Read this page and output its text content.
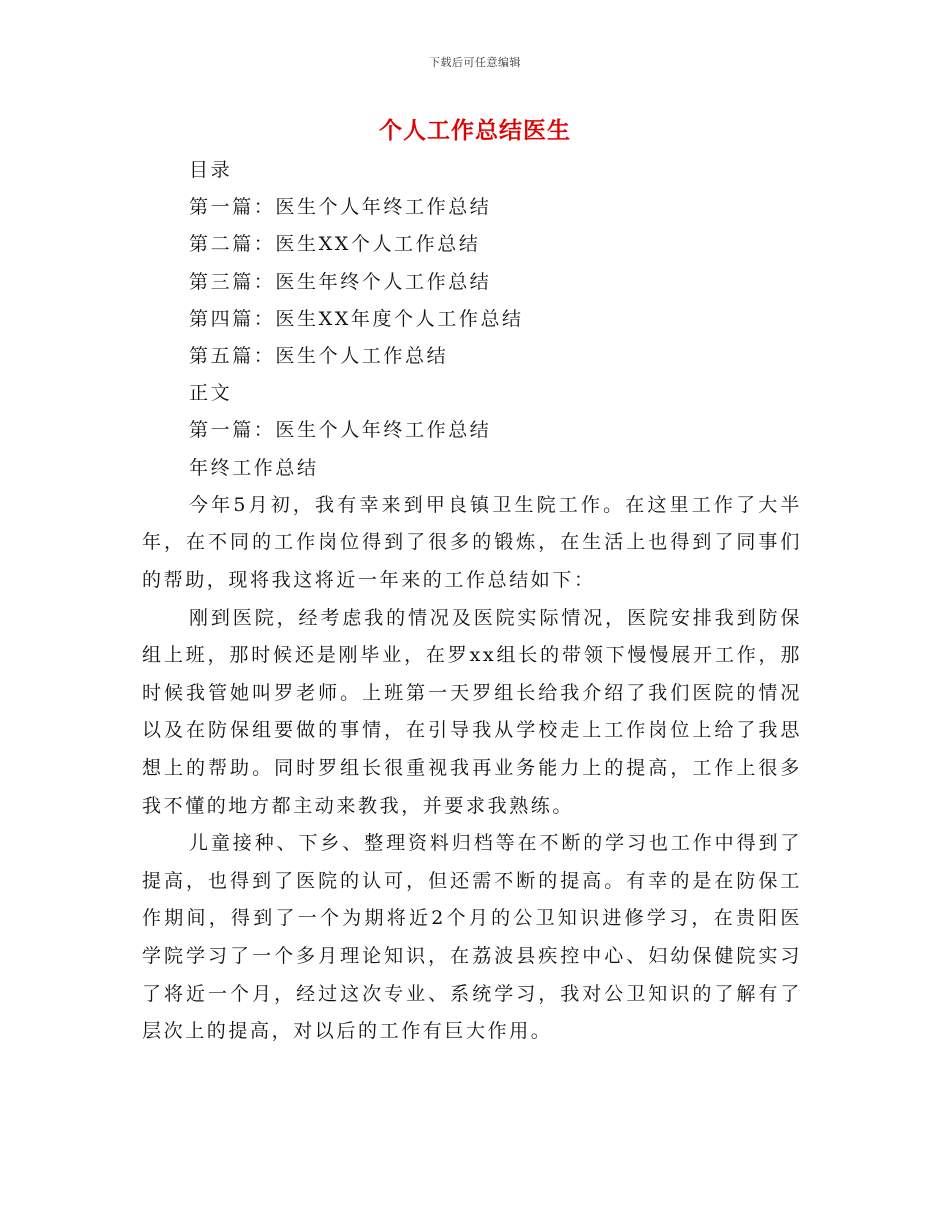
下载后可任意编辑
个人工作总结医生

目录

第一篇：医生个人年终工作总结

第二篇：医生XX个人工作总结

第三篇：医生年终个人工作总结

第四篇：医生XX年度个人工作总结

第五篇：医生个人工作总结

正文

第一篇：医生个人年终工作总结

年终工作总结

今年5月初，我有幸来到甲良镇卫生院工作。在这里工作了大半年，在不同的工作岗位得到了很多的锻炼，在生活上也得到了同事们的帮助，现将我这将近一年来的工作总结如下：

刚到医院，经考虑我的情况及医院实际情况，医院安排我到防保组上班，那时候还是刚毕业，在罗xx组长的带领下慢慢展开工作，那时候我管她叫罗老师。上班第一天罗组长给我介绍了我们医院的情况以及在防保组要做的事情，在引导我从学校走上工作岗位上给了我思想上的帮助。同时罗组长很重视我再业务能力上的提高，工作上很多我不懂的地方都主动来教我，并要求我熟练。

儿童接种、下乡、整理资料归档等在不断的学习也工作中得到了提高，也得到了医院的认可，但还需不断的提高。有幸的是在防保工作期间，得到了一个为期将近2个月的公卫知识进修学习，在贵阳医学院学习了一个多月理论知识，在荔波县疾控中心、妇幼保健院实习了将近一个月，经过这次专业、系统学习，我对公卫知识的了解有了层次上的提高，对以后的工作有巨大作用。
